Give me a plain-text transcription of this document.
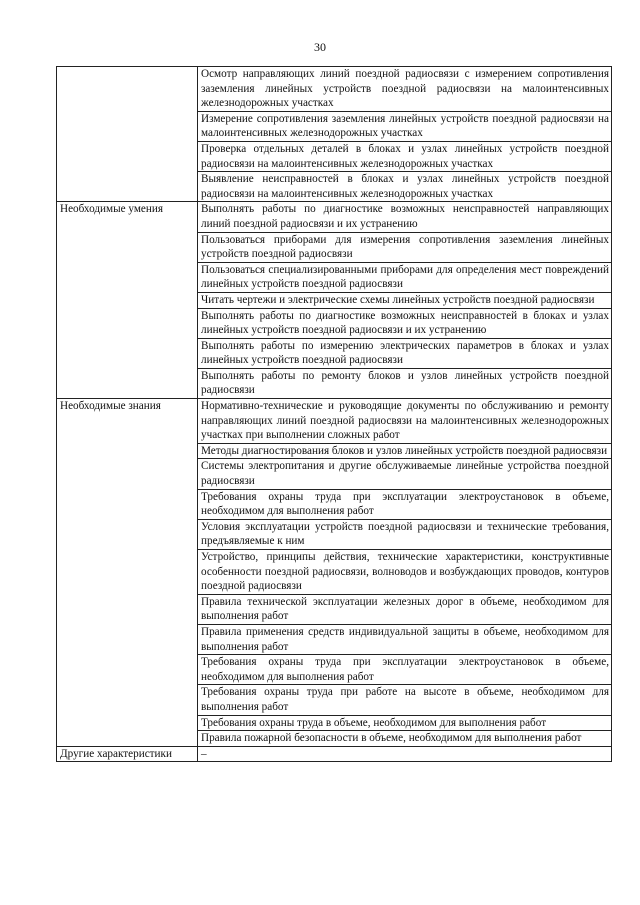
30
	Осмотр направляющих линий поездной радиосвязи с измерением сопротивления заземления линейных устройств поездной радиосвязи на малоинтенсивных железнодорожных участках
	Измерение сопротивления заземления линейных устройств поездной радиосвязи на малоинтенсивных железнодорожных участках
	Проверка отдельных деталей в блоках и узлах линейных устройств поездной радиосвязи на малоинтенсивных железнодорожных участках
	Выявление неисправностей в блоках и узлах линейных устройств поездной радиосвязи на малоинтенсивных железнодорожных участках
Необходимые умения	Выполнять работы по диагностике возможных неисправностей направляющих линий поездной радиосвязи и их устранению
	Пользоваться приборами для измерения сопротивления заземления линейных устройств поездной радиосвязи
	Пользоваться специализированными приборами для определения мест повреждений линейных устройств поездной радиосвязи
	Читать чертежи и электрические схемы линейных устройств поездной радиосвязи
	Выполнять работы по диагностике возможных неисправностей в блоках и узлах линейных устройств поездной радиосвязи и их устранению
	Выполнять работы по измерению электрических параметров в блоках и узлах линейных устройств поездной радиосвязи
	Выполнять работы по ремонту блоков и узлов линейных устройств поездной радиосвязи
Необходимые знания	Нормативно-технические и руководящие документы по обслуживанию и ремонту направляющих линий поездной радиосвязи на малоинтенсивных железнодорожных участках при выполнении сложных работ
	Методы диагностирования блоков и узлов линейных устройств поездной радиосвязи
	Системы электропитания и другие обслуживаемые линейные устройства поездной радиосвязи
	Требования охраны труда при эксплуатации электроустановок в объеме, необходимом для выполнения работ
	Условия эксплуатации устройств поездной радиосвязи и технические требования, предъявляемые к ним
	Устройство, принципы действия, технические характеристики, конструктивные особенности поездной радиосвязи, волноводов и возбуждающих проводов, контуров поездной радиосвязи
	Правила технической эксплуатации железных дорог в объеме, необходимом для выполнения работ
	Правила применения средств индивидуальной защиты в объеме, необходимом для выполнения работ
	Требования охраны труда при эксплуатации электроустановок в объеме, необходимом для выполнения работ
	Требования охраны труда при работе на высоте в объеме, необходимом для выполнения работ
	Требования охраны труда в объеме, необходимом для выполнения работ
	Правила пожарной безопасности в объеме, необходимом для выполнения работ
Другие характеристики	–
